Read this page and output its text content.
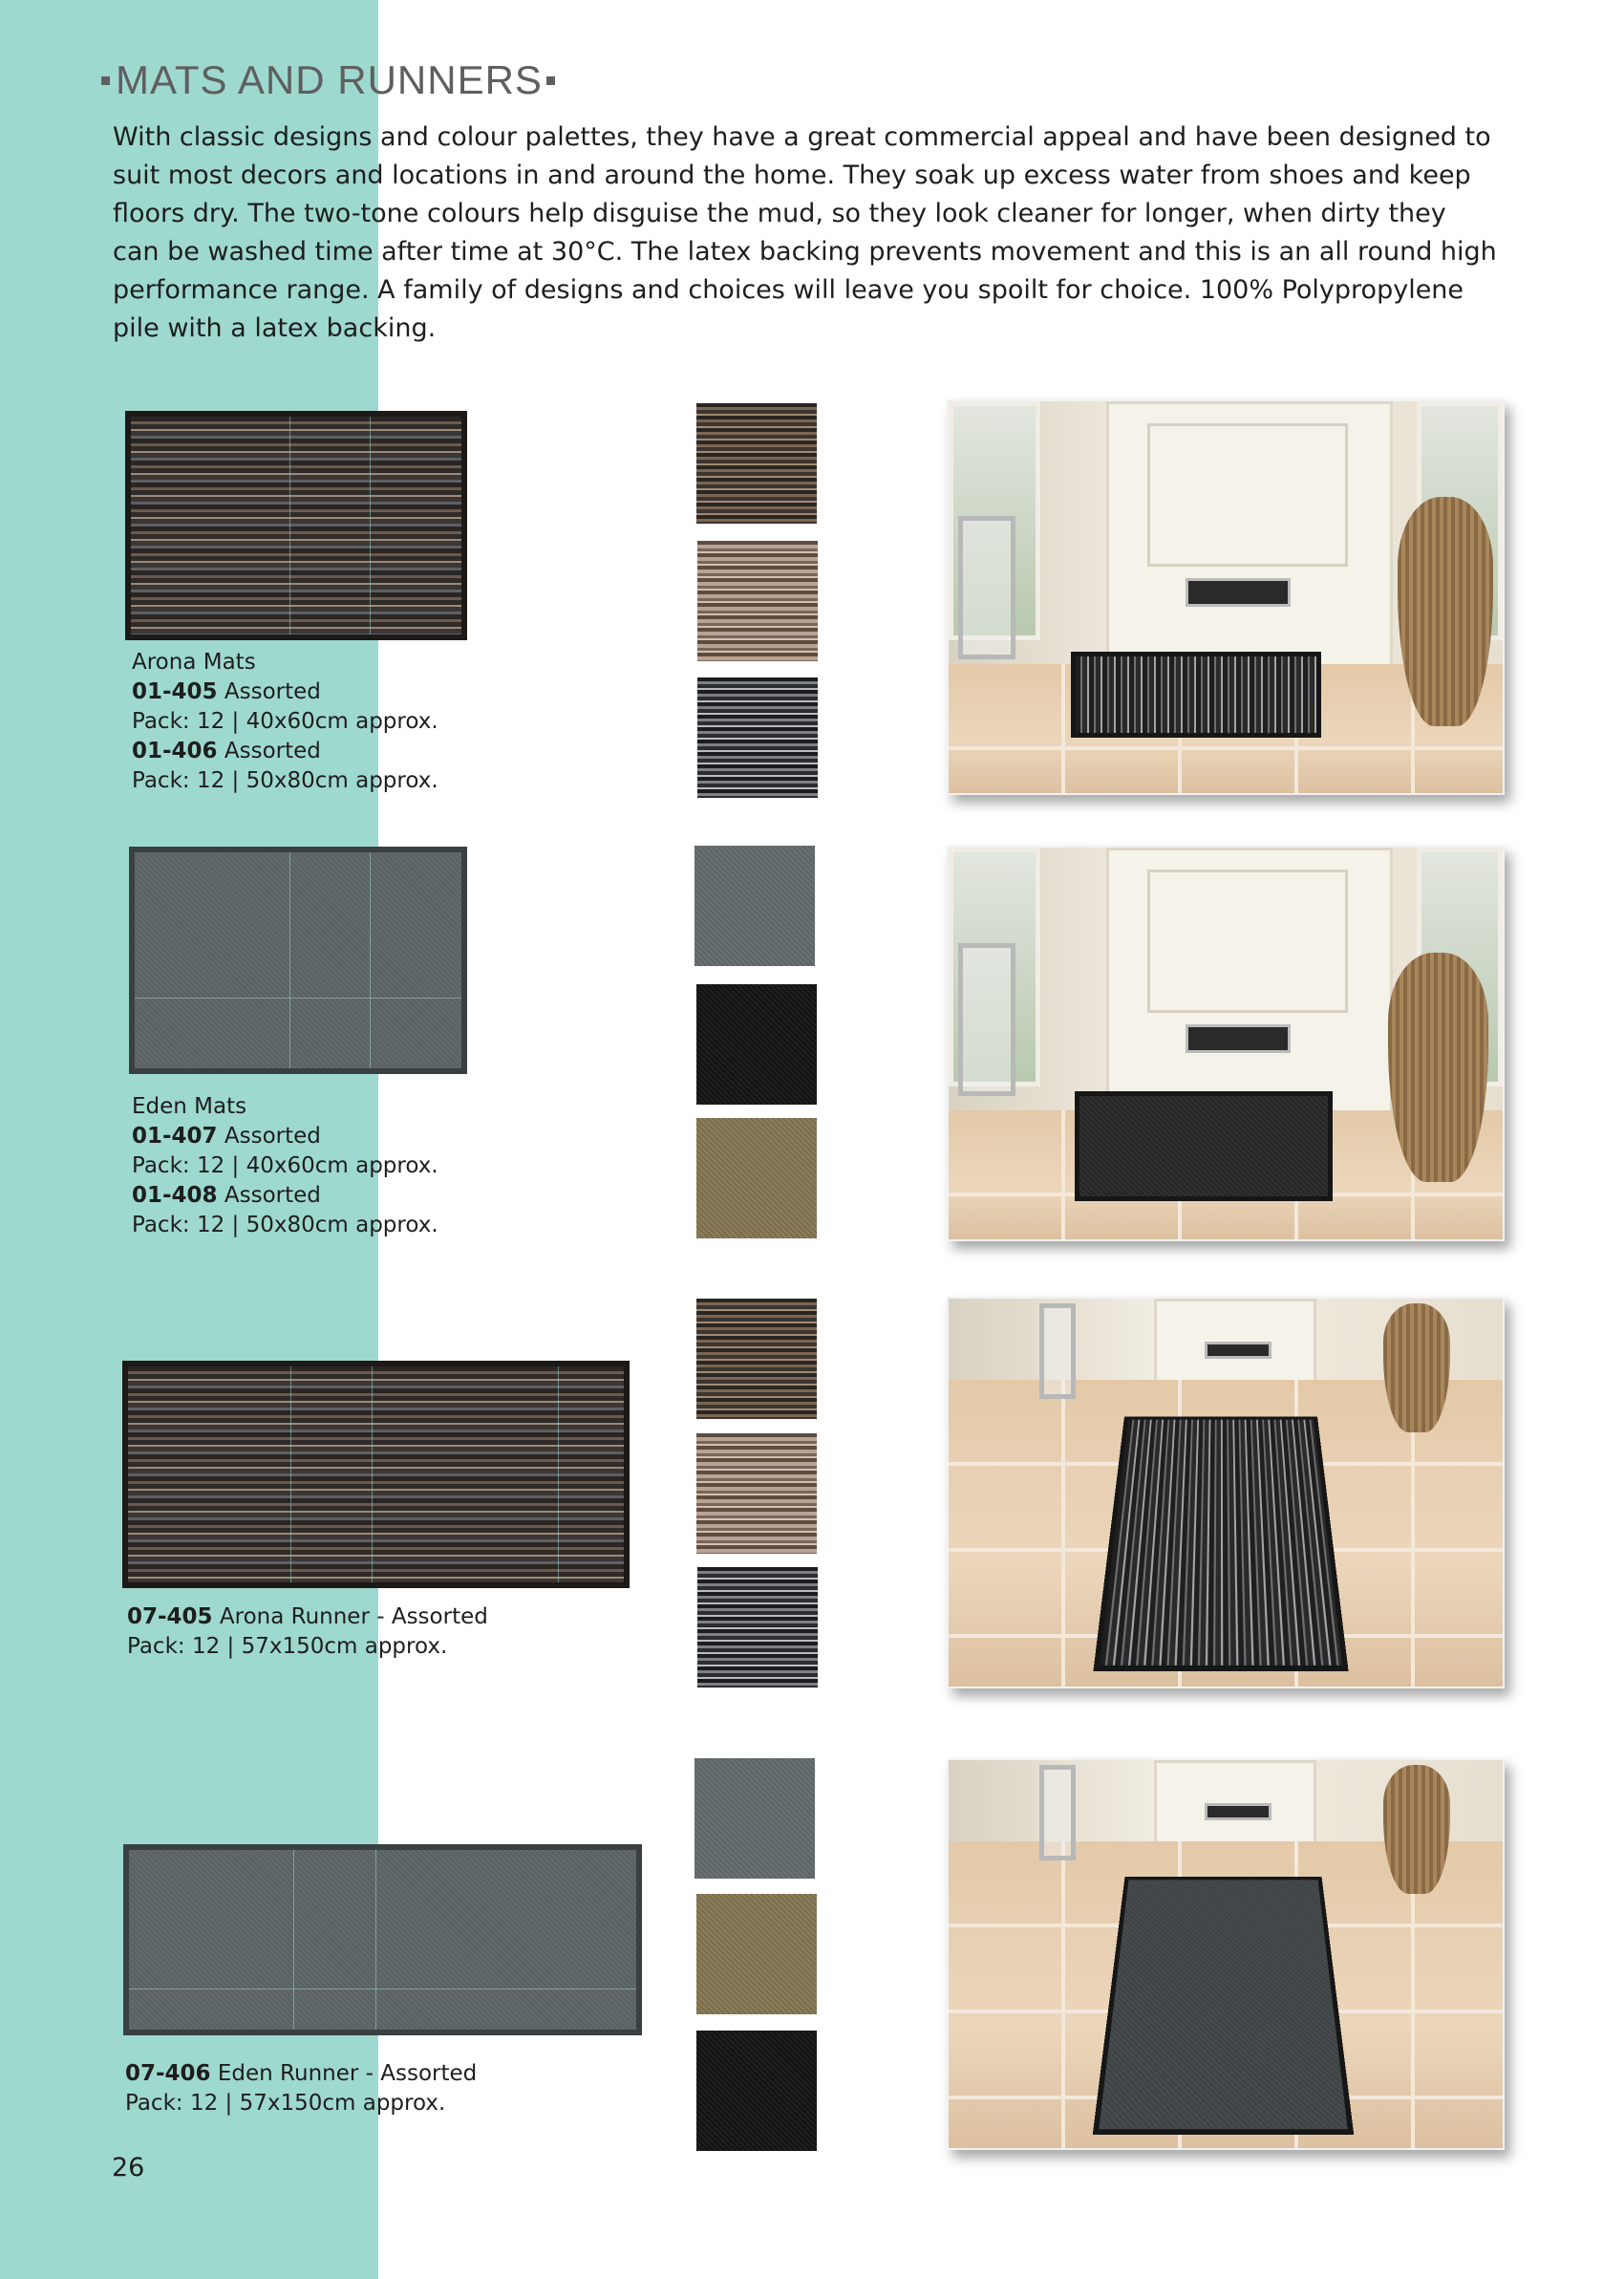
MATS AND RUNNERS

With classic designs and colour palettes, they have a great commercial appeal and have been designed to suit most decors and locations in and around the home. They soak up excess water from shoes and keep floors dry. The two-tone colours help disguise the mud, so they look cleaner for longer, when dirty they can be washed time after time at 30°C. The latex backing prevents movement and this is an all round high performance range. A family of designs and choices will leave you spoilt for choice. 100% Polypropylene pile with a latex backing.

Arona Mats
01-405 Assorted
Pack: 12 | 40x60cm approx.
01-406 Assorted
Pack: 12 | 50x80cm approx.
Eden Mats
01-407 Assorted
Pack: 12 | 40x60cm approx.
01-408 Assorted
Pack: 12 | 50x80cm approx.
07-405 Arona Runner - Assorted
Pack: 12 | 57x150cm approx.
07-406 Eden Runner - Assorted
Pack: 12 | 57x150cm approx.
26
